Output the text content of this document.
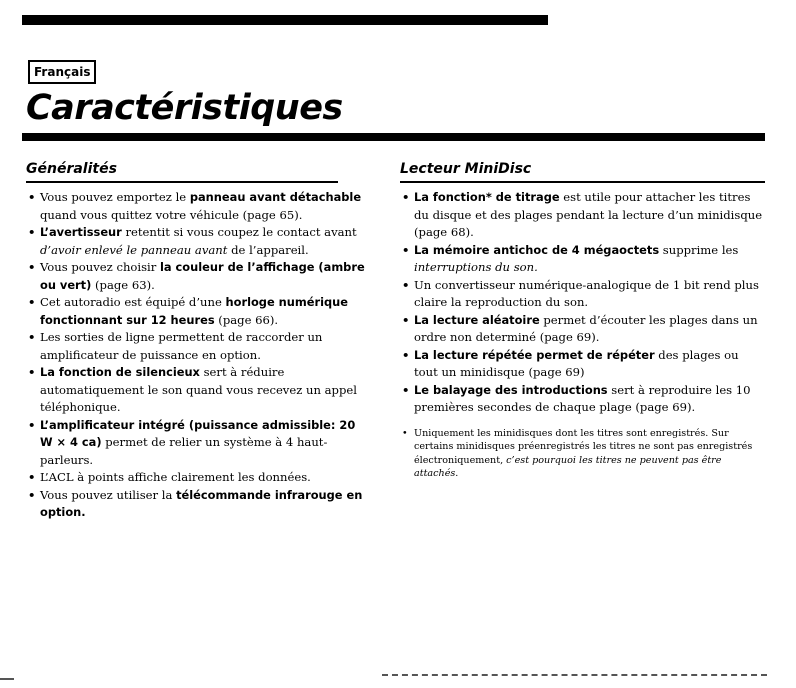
Français
Caractéristiques
Généralités
• Vous pouvez emportez le panneau avant détachable quand vous quittez votre véhicule (page 65).
• L’avertisseur retentit si vous coupez le contact avant d’avoir enlevé le panneau avant de l’appareil.
• Vous pouvez choisir la couleur de l’affichage (ambre ou vert) (page 63).
• Cet autoradio est équipé d’une horloge numérique fonctionnant sur 12 heures (page 66).
• Les sorties de ligne permettent de raccorder un amplificateur de puissance en option.
• La fonction de silencieux sert à réduire automatiquement le son quand vous recevez un appel téléphonique.
• L’amplificateur intégré (puissance admissible: 20 W × 4 ca) permet de relier un système à 4 haut-parleurs.
• L’ACL à points affiche clairement les données.
• Vous pouvez utiliser la télécommande infrarouge en option.
Lecteur MiniDisc
• La fonction* de titrage est utile pour attacher les titres du disque et des plages pendant la lecture d’un minidisque (page 68).
• La mémoire antichoc de 4 mégaoctets supprime les interruptions du son.
• Un convertisseur numérique-analogique de 1 bit rend plus claire la reproduction du son.
• La lecture aléatoire permet d’écouter les plages dans un ordre non determiné (page 69).
• La lecture répétée permet de répéter des plages ou tout un minidisque (page 69)
• Le balayage des introductions sert à reproduire les 10 premières secondes de chaque plage (page 69).

• Uniquement les minidisques dont les titres sont enregistrés. Sur certains minidisques préenregistrés les titres ne sont pas enregistrés électroniquement, c’est pourquoi les titres ne peuvent pas être attachés.
